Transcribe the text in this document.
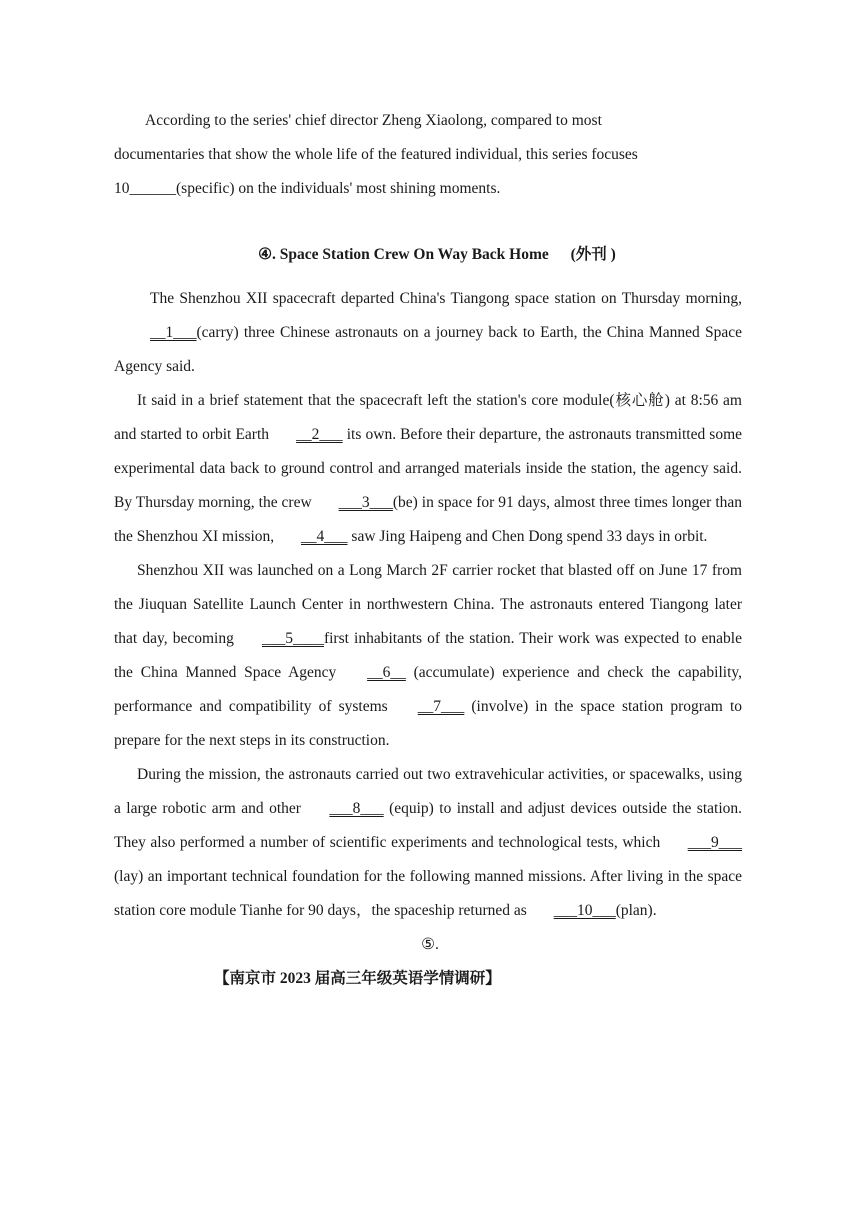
According to the series' chief director Zheng Xiaolong, compared to most

documentaries that show the whole life of the featured individual, this series focuses

10______(specific) on the individuals' most shining moments.

④. Space Station Crew On Way Back Home (外刊 )

The Shenzhou XII spacecraft departed China's Tiangong space station on Thursday morning, __1___(carry) three Chinese astronauts on a journey back to Earth, the China Manned Space Agency said.

It said in a brief statement that the spacecraft left the station's core module(核心舱) at 8:56 am and started to orbit Earth __2___ its own. Before their departure, the astronauts transmitted some experimental data back to ground control and arranged materials inside the station, the agency said. By Thursday morning, the crew ___3___(be) in space for 91 days, almost three times longer than the Shenzhou XI mission, __4___ saw Jing Haipeng and Chen Dong spend 33 days in orbit.

Shenzhou XII was launched on a Long March 2F carrier rocket that blasted off on June 17 from the Jiuquan Satellite Launch Center in northwestern China. The astronauts entered Tiangong later that day, becoming ___5____first inhabitants of the station. Their work was expected to enable the China Manned Space Agency __6__ (accumulate) experience and check the capability, performance and compatibility of systems __7___ (involve) in the space station program to prepare for the next steps in its construction.

During the mission, the astronauts carried out two extravehicular activities, or spacewalks, using a large robotic arm and other ___8___ (equip) to install and adjust devices outside the station. They also performed a number of scientific experiments and technological tests, which ___9___ (lay) an important technical foundation for the following manned missions. After living in the space station core module Tianhe for 90 days，the spaceship returned as ___10___(plan).

⑤.

【南京市 2023 届高三年级英语学情调研】
